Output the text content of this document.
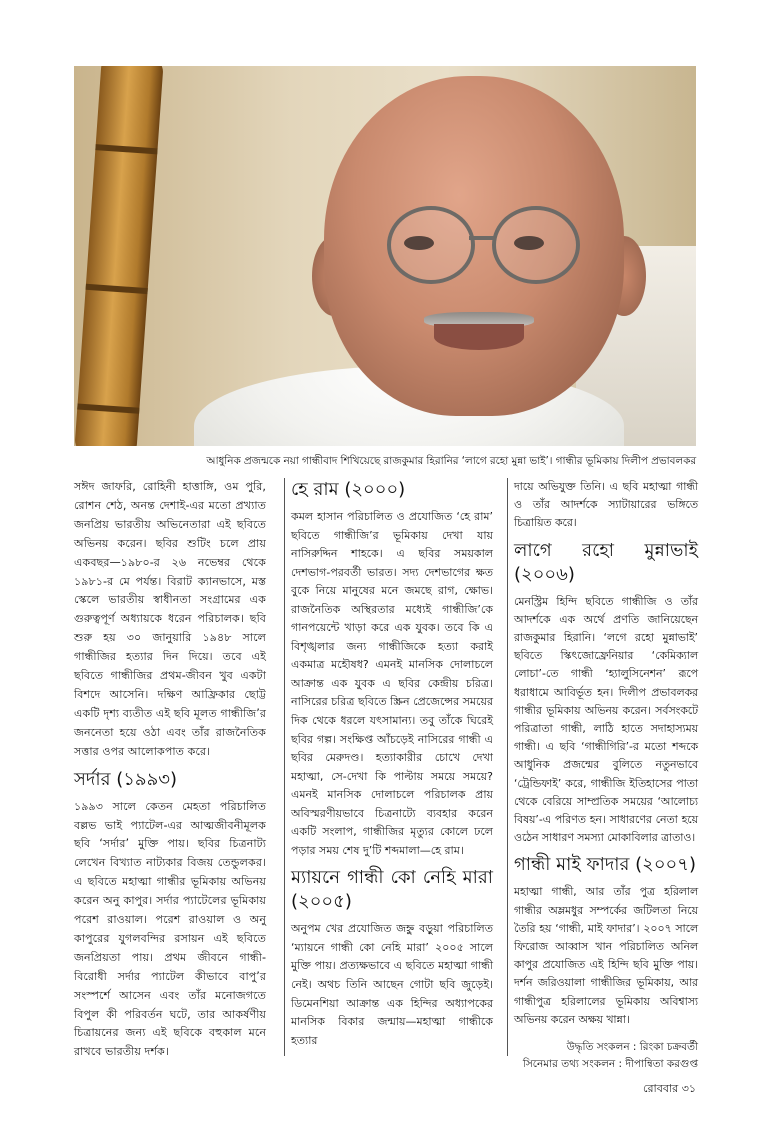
আধুনিক প্রজন্মকে নয়া গান্ধীবাদ শিখিয়েছে রাজকুমার হিরানির ‘লাগে রহো মুন্না ভাই’। গান্ধীর ভূমিকায় দিলীপ প্রভাবলকর

সঈদ জাফরি, রোহিনী হাত্তাঙ্গি, ওম পুরি, রোশন শেঠ, অনন্ত দেশাই-এর মতো প্রখ্যাত জনপ্রিয় ভারতীয় অভিনেতারা এই ছবিতে অভিনয় করেন। ছবির শুটিং চলে প্রায় একবছর—১৯৮০-র ২৬ নভেম্বর থেকে ১৯৮১-র মে পর্যন্ত। বিরাট ক্যানভাসে, মস্ত স্কেলে ভারতীয় স্বাধীনতা সংগ্রামের এক গুরুত্বপূর্ণ অধ্যায়কে ধরেন পরিচালক। ছবি শুরু হয় ৩০ জানুয়ারি ১৯৪৮ সালে গান্ধীজির হত্যার দিন দিয়ে। তবে এই ছবিতে গান্ধীজির প্রথম-জীবন খুব একটা বিশদে আসেনি। দক্ষিণ আফ্রিকার ছোট্ট একটি দৃশ্য ব্যতীত এই ছবি মূলত গান্ধীজি’র জননেতা হয়ে ওঠা এবং তাঁর রাজনৈতিক সত্তার ওপর আলোকপাত করে।

সর্দার (১৯৯৩)

১৯৯৩ সালে কেতন মেহতা পরিচালিত বল্লভ ভাই প্যাটেল-এর আত্মজীবনীমূলক ছবি ‘সর্দার’ মুক্তি পায়। ছবির চিত্রনাট্য লেখেন বিখ্যাত নাট্যকার বিজয় তেন্ডুলকর। এ ছবিতে মহাত্মা গান্ধীর ভূমিকায় অভিনয় করেন অনু কাপুর। সর্দার প্যাটেলের ভূমিকায় পরেশ রাওয়াল। পরেশ রাওয়াল ও অনু কাপুরের যুগলবন্দির রসায়ন এই ছবিতে জনপ্রিয়তা পায়। প্রথম জীবনে গান্ধী-বিরোধী সর্দার প্যাটেল কীভাবে বাপু’র সংস্পর্শে আসেন এবং তাঁর মনোজগতে বিপুল কী পরিবর্তন ঘটে, তার আকর্ষণীয় চিত্রায়নের জন্য এই ছবিকে বহুকাল মনে রাখবে ভারতীয় দর্শক।

হে রাম (২০০০)

কমল হাসান পরিচালিত ও প্রযোজিত ‘হে রাম’ ছবিতে গান্ধীজি’র ভূমিকায় দেখা যায় নাসিরুদ্দিন শাহকে। এ ছবির সময়কাল দেশভাগ-পরবর্তী ভারত। সদ্য দেশভাগের ক্ষত বুকে নিয়ে মানুষের মনে জমছে রাগ, ক্ষোভ। রাজনৈতিক অস্থিরতার মধ্যেই গান্ধীজি’কে গানপয়েন্টে খাড়া করে এক যুবক। তবে কি এ বিশৃঙ্খলার জন্য গান্ধীজিকে হত্যা করাই একমাত্র মহৌষধ? এমনই মানসিক দোলাচলে আক্রান্ত এক যুবক এ ছবির কেন্দ্রীয় চরিত্র। নাসিরের চরিত্র ছবিতে স্ক্রিন প্রেজেন্সের সময়ের দিক থেকে ধরলে যৎসামান্য। তবু তাঁকে ঘিরেই ছবির গল্প। সংক্ষিপ্ত আঁচড়েই নাসিরের গান্ধী এ ছবির মেরুদণ্ড। হত্যাকারীর চোখে দেখা মহাত্মা, সে-দেখা কি পাল্টায় সময়ে সময়ে? এমনই মানসিক দোলাচলে পরিচালক প্রায় অবিস্মরণীয়ভাবে চিত্রনাট্যে ব্যবহার করেন একটি সংলাপ, গান্ধীজির মৃত্যুর কোলে ঢলে পড়ার সময় শেষ দু’টি শব্দমালা—হে রাম।

ম্যায়নে গান্ধী কো নেহি মারা (২০০৫)

অনুপম খের প্রযোজিত জহ্নু বড়ুয়া পরিচালিত ‘ম্যায়নে গান্ধী কো নেহি মারা’ ২০০৫ সালে মুক্তি পায়। প্রত্যক্ষভাবে এ ছবিতে মহাত্মা গান্ধী নেই। অথচ তিনি আছেন গোটা ছবি জুড়েই। ডিমেনশিয়া আক্রান্ত এক হিন্দির অধ্যাপকের মানসিক বিকার জন্মায়—মহাত্মা গান্ধীকে হত্যার

দায়ে অভিযুক্ত তিনি। এ ছবি মহাত্মা গান্ধী ও তাঁর আদর্শকে স্যাটায়ারের ভঙ্গিতে চিত্রায়িত করে।

লাগে রহো মুন্নাভাই (২০০৬)

মেনস্ট্রিম হিন্দি ছবিতে গান্ধীজি ও তাঁর আদর্শকে এক অর্থে প্রণতি জানিয়েছেন রাজকুমার হিরানি। ‘লগে রহো মুন্নাভাই’ ছবিতে স্কিৎজোফ্রেনিয়ার ‘কেমিক্যাল লোচা’-তে গান্ধী ‘হ্যালুসিনেশন’ রূপে ধরাধামে আবির্ভূত হন। দিলীপ প্রভাবলকর গান্ধীর ভূমিকায় অভিনয় করেন। সর্বসংকটে পরিত্রাতা গান্ধী, লাঠি হাতে সদাহাস্যময় গান্ধী। এ ছবি ‘গান্ধীগিরি’-র মতো শব্দকে আধুনিক প্রজন্মের বুলিতে নতুনভাবে ‘ট্রেন্ডিফাই’ করে, গান্ধীজি ইতিহাসের পাতা থেকে বেরিয়ে সাম্প্রতিক সময়ের ‘আলোচ্য বিষয়’-এ পরিণত হন। সাধারণের নেতা হয়ে ওঠেন সাধারণ সমস্যা মোকাবিলার ত্রাতাও।

গান্ধী মাই ফাদার (২০০৭)

মহাত্মা গান্ধী, আর তাঁর পুত্র হরিলাল গান্ধীর অম্লমধুর সম্পর্কের জটিলতা নিয়ে তৈরি হয় ‘গান্ধী, মাই ফাদার’। ২০০৭ সালে ফিরোজ আব্বাস খান পরিচালিত অনিল কাপুর প্রযোজিত এই হিন্দি ছবি মুক্তি পায়। দর্শন জরিওয়ালা গান্ধীজির ভূমিকায়, আর গান্ধীপুত্র হরিলালের ভূমিকায় অবিশ্বাস্য অভিনয় করেন অক্ষয় খান্না।

উদ্ধৃতি সংকলন : রিংকা চক্রবর্তী
সিনেমার তথ্য সংকলন : দীপান্বিতা করগুপ্ত
রোববার ৩১
